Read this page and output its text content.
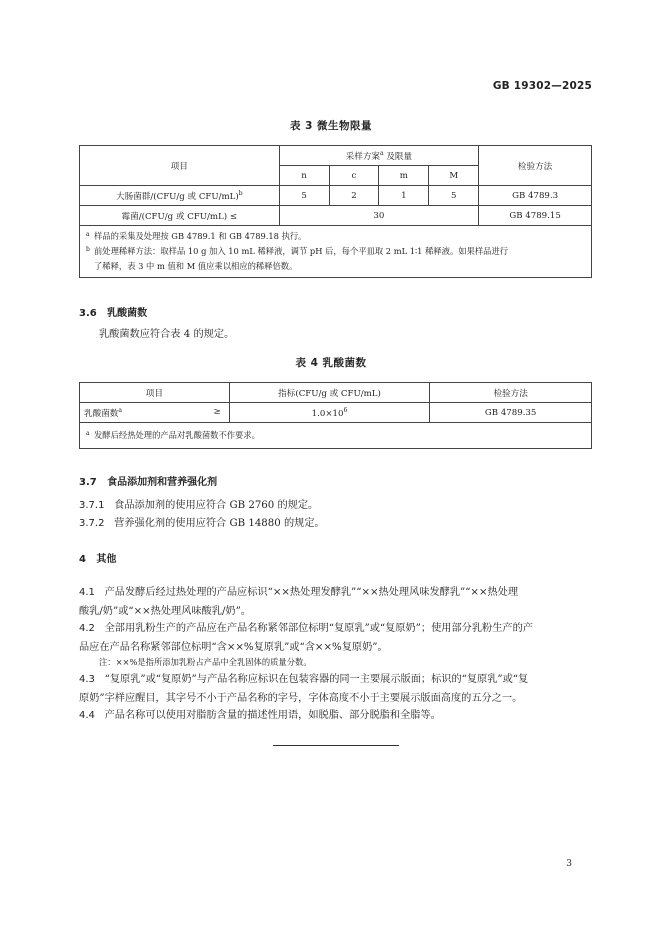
GB 19302—2025
表 3 微生物限量
项目	采样方案$^a$ 及限量				检验方法
	n	c	m	M	
大肠菌群/(CFU/g 或 CFU/mL)$^b$	5	2	1	5	GB 4789.3
霉菌/(CFU/g 或 CFU/mL) ≤	30				GB 4789.15

a 样品的采集及处理按 GB 4789.1 和 GB 4789.18 执行。

b 前处理稀释方法：取样品 10 g 加入 10 mL 稀释液，调节 pH 后，每个平皿取 2 mL 1∶1 稀释液。如果样品进行
了稀释，表 3 中 m 值和 M 值应乘以相应的稀释倍数。					

3.6 乳酸菌数
乳酸菌数应符合表 4 的规定。
表 4 乳酸菌数
项目	指标(CFU/g 或 CFU/mL)	检验方法
乳酸菌数$^a$ ≥	$1.0\times 10^6$	GB 4789.35

a 发酵后经热处理的产品对乳酸菌数不作要求。		

3.7 食品添加剂和营养强化剂
3.7.1 食品添加剂的使用应符合 GB 2760 的规定。
3.7.2 营养强化剂的使用应符合 GB 14880 的规定。
4 其他
4.1 产品发酵后经过热处理的产品应标识“××热处理发酵乳”“××热处理风味发酵乳”“××热处理
酸乳/奶”或“××热处理风味酸乳/奶”。
4.2 全部用乳粉生产的产品应在产品名称紧邻部位标明“复原乳”或“复原奶”；使用部分乳粉生产的产
品应在产品名称紧邻部位标明“含××%复原乳”或“含××%复原奶”。
注：××%是指所添加乳粉占产品中全乳固体的质量分数。
4.3 “复原乳”或“复原奶”与产品名称应标识在包装容器的同一主要展示版面；标识的“复原乳”或“复
原奶”字样应醒目，其字号不小于产品名称的字号，字体高度不小于主要展示版面高度的五分之一。
4.4 产品名称可以使用对脂肪含量的描述性用语，如脱脂、部分脱脂和全脂等。
3
